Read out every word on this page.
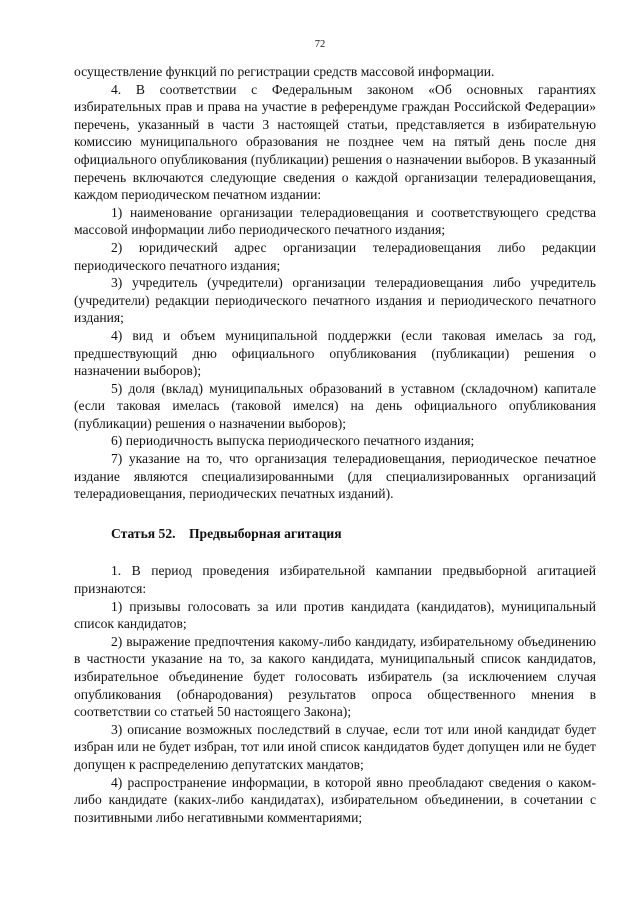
72

осуществление функций по регистрации средств массовой информации.

4. В соответствии с Федеральным законом «Об основных гарантиях избирательных прав и права на участие в референдуме граждан Российской Федерации» перечень, указанный в части 3 настоящей статьи, представляется в избирательную комиссию муниципального образования не позднее чем на пятый день после дня официального опубликования (публикации) решения о назначении выборов. В указанный перечень включаются следующие сведения о каждой организации телерадиовещания, каждом периодическом печатном издании:

1) наименование организации телерадиовещания и соответствующего средства массовой информации либо периодического печатного издания;

2) юридический адрес организации телерадиовещания либо редакции периодического печатного издания;

3) учредитель (учредители) организации телерадиовещания либо учредитель (учредители) редакции периодического печатного издания и периодического печатного издания;

4) вид и объем муниципальной поддержки (если таковая имелась за год, предшествующий дню официального опубликования (публикации) решения о назначении выборов);

5) доля (вклад) муниципальных образований в уставном (складочном) капитале (если таковая имелась (таковой имелся) на день официального опубликования (публикации) решения о назначении выборов);

6) периодичность выпуска периодического печатного издания;

7) указание на то, что организация телерадиовещания, периодическое печатное издание являются специализированными (для специализированных организаций телерадиовещания, периодических печатных изданий).

Статья 52. Предвыборная агитация

1. В период проведения избирательной кампании предвыборной агитацией признаются:

1) призывы голосовать за или против кандидата (кандидатов), муниципальный список кандидатов;

2) выражение предпочтения какому-либо кандидату, избирательному объединению в частности указание на то, за какого кандидата, муниципальный список кандидатов, избирательное объединение будет голосовать избиратель (за исключением случая опубликования (обнародования) результатов опроса общественного мнения в соответствии со статьей 50 настоящего Закона);

3) описание возможных последствий в случае, если тот или иной кандидат будет избран или не будет избран, тот или иной список кандидатов будет допущен или не будет допущен к распределению депутатских мандатов;

4) распространение информации, в которой явно преобладают сведения о каком-либо кандидате (каких-либо кандидатах), избирательном объединении, в сочетании с позитивными либо негативными комментариями;
